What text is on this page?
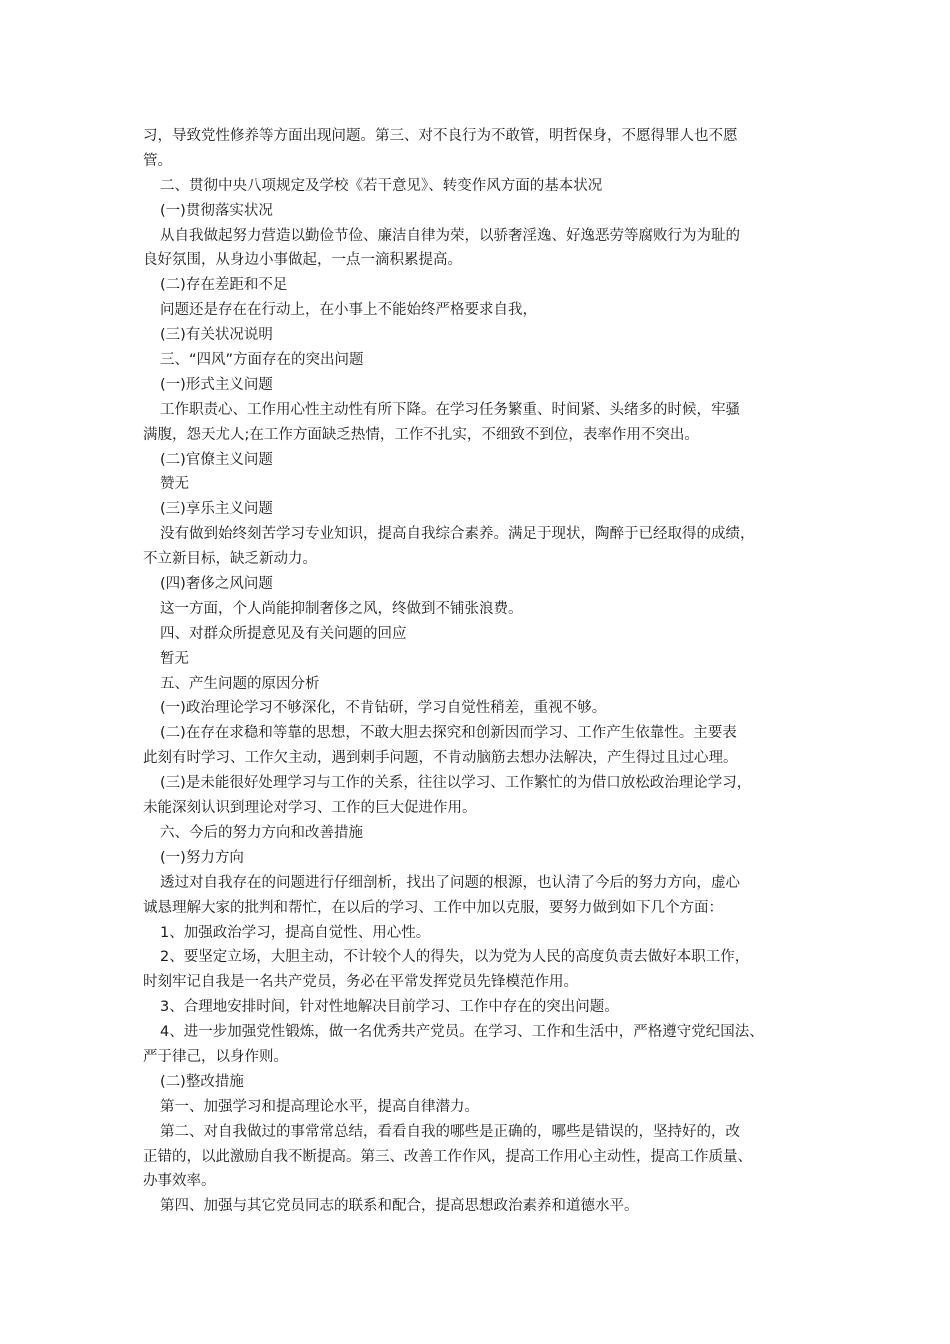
习，导致党性修养等方面出现问题。第三、对不良行为不敢管，明哲保身，不愿得罪人也不愿
管。
二、贯彻中央八项规定及学校《若干意见》、转变作风方面的基本状况
(一)贯彻落实状况
从自我做起努力营造以勤俭节俭、廉洁自律为荣，以骄奢淫逸、好逸恶劳等腐败行为为耻的
良好氛围，从身边小事做起，一点一滴积累提高。
(二)存在差距和不足
问题还是存在在行动上，在小事上不能始终严格要求自我，
(三)有关状况说明
三、“四风”方面存在的突出问题
(一)形式主义问题
工作职责心、工作用心性主动性有所下降。在学习任务繁重、时间紧、头绪多的时候，牢骚
满腹，怨天尤人;在工作方面缺乏热情，工作不扎实，不细致不到位，表率作用不突出。
(二)官僚主义问题
赞无
(三)享乐主义问题
没有做到始终刻苦学习专业知识，提高自我综合素养。满足于现状，陶醉于已经取得的成绩，
不立新目标，缺乏新动力。
(四)奢侈之风问题
这一方面，个人尚能抑制奢侈之风，终做到不铺张浪费。
四、对群众所提意见及有关问题的回应
暂无
五、产生问题的原因分析
(一)政治理论学习不够深化，不肯钻研，学习自觉性稍差，重视不够。
(二)在存在求稳和等靠的思想，不敢大胆去探究和创新因而学习、工作产生依靠性。主要表
此刻有时学习、工作欠主动，遇到剌手问题，不肯动脑筋去想办法解决，产生得过且过心理。
(三)是未能很好处理学习与工作的关系，往往以学习、工作繁忙的为借口放松政治理论学习，
未能深刻认识到理论对学习、工作的巨大促进作用。
六、今后的努力方向和改善措施
(一)努力方向
透过对自我存在的问题进行仔细剖析，找出了问题的根源，也认清了今后的努力方向，虚心
诚恳理解大家的批判和帮忙，在以后的学习、工作中加以克服，要努力做到如下几个方面：
1、加强政治学习，提高自觉性、用心性。
2、要坚定立场，大胆主动，不计较个人的得失，以为党为人民的高度负责去做好本职工作，
时刻牢记自我是一名共产党员，务必在平常发挥党员先锋模范作用。
3、合理地安排时间，针对性地解决目前学习、工作中存在的突出问题。
4、进一步加强党性锻炼，做一名优秀共产党员。在学习、工作和生活中，严格遵守党纪国法、
严于律己，以身作则。
(二)整改措施
第一、加强学习和提高理论水平，提高自律潜力。
第二、对自我做过的事常常总结，看看自我的哪些是正确的，哪些是错误的，坚持好的，改
正错的，以此激励自我不断提高。第三、改善工作作风，提高工作用心主动性，提高工作质量、
办事效率。
第四、加强与其它党员同志的联系和配合，提高思想政治素养和道德水平。
